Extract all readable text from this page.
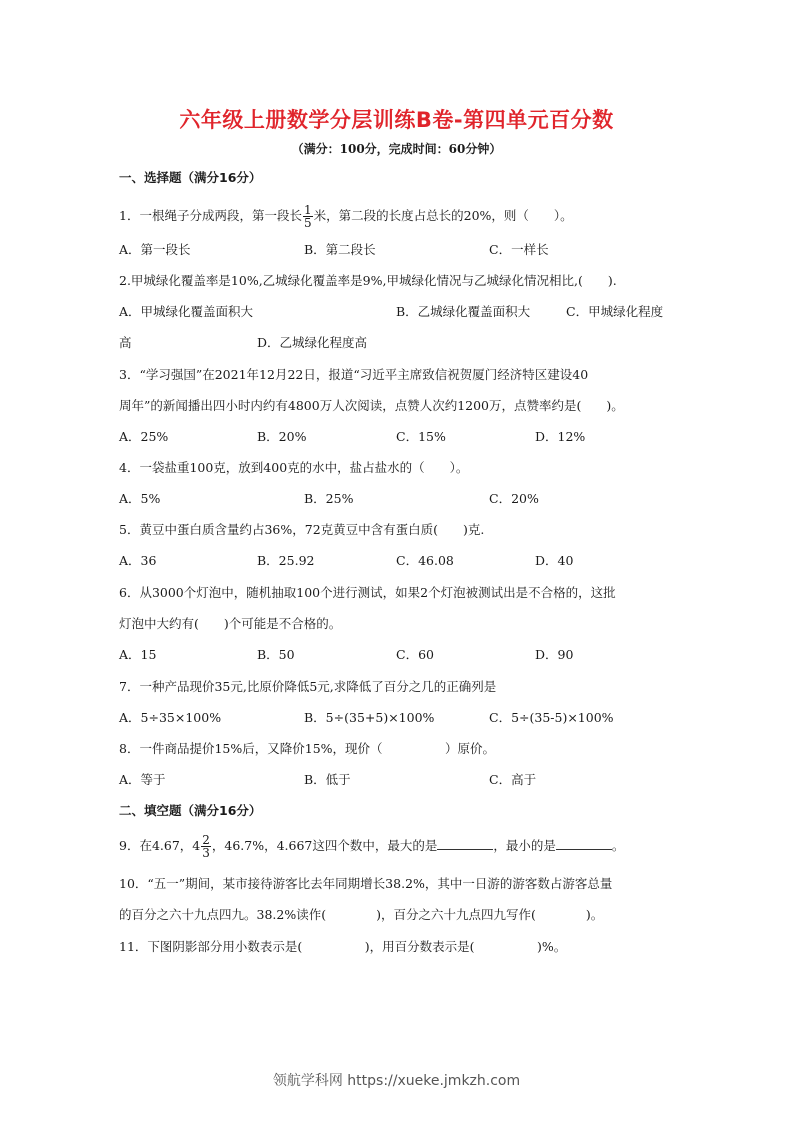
六年级上册数学分层训练B卷-第四单元百分数
（满分：100分，完成时间：60分钟）
一、选择题（满分16分）
1．一根绳子分成两段，第一段长 $\frac{1}{5}$ 米，第二段的长度占总长的20%，则（　　）。
A．第一段长	B．第二段长	C．一样长
2.甲城绿化覆盖率是10%,乙城绿化覆盖率是9%,甲城绿化情况与乙城绿化情况相比,(　　).
A．甲城绿化覆盖面积大	B．乙城绿化覆盖面积大	C．甲城绿化程度
高	D．乙城绿化程度高
3．“学习强国”在2021年12月22日，报道“习近平主席致信祝贺厦门经济特区建设40
周年”的新闻播出四小时内约有4800万人次阅读，点赞人次约1200万，点赞率约是(　　)。
A．25%	B．20%	C．15%	D．12%
4．一袋盐重100克，放到400克的水中，盐占盐水的（　　）。
A．5%	B．25%	C．20%
5．黄豆中蛋白质含量约占36%，72克黄豆中含有蛋白质(　　)克.
A．36	B．25.92	C．46.08	D．40
6．从3000个灯泡中，随机抽取100个进行测试，如果2个灯泡被测试出是不合格的，这批
灯泡中大约有(　　)个可能是不合格的。
A．15	B．50	C．60	D．90
7．一种产品现价35元,比原价降低5元,求降低了百分之几的正确列是
A．5÷35×100%	B．5÷(35+5)×100%	C．5÷(35-5)×100%
8．一件商品提价15%后，又降价15%，现价（　　　　　）原价。
A．等于	B．低于	C．高于
二、填空题（满分16分）
9．在4.67，$4 \frac{2}{3}$ ，46.7%，4.667这四个数中，最大的是	，最小的是	。
10．“五一”期间，某市接待游客比去年同期增长38.2%，其中一日游的游客数占游客总量
的百分之六十九点四九。38.2%读作(　　　　)，百分之六十九点四九写作(　　　　)。
11．下图阴影部分用小数表示是(　　　　　)，用百分数表示是(　　　　　)%。
领航学科网 https://xueke.jmkzh.com
